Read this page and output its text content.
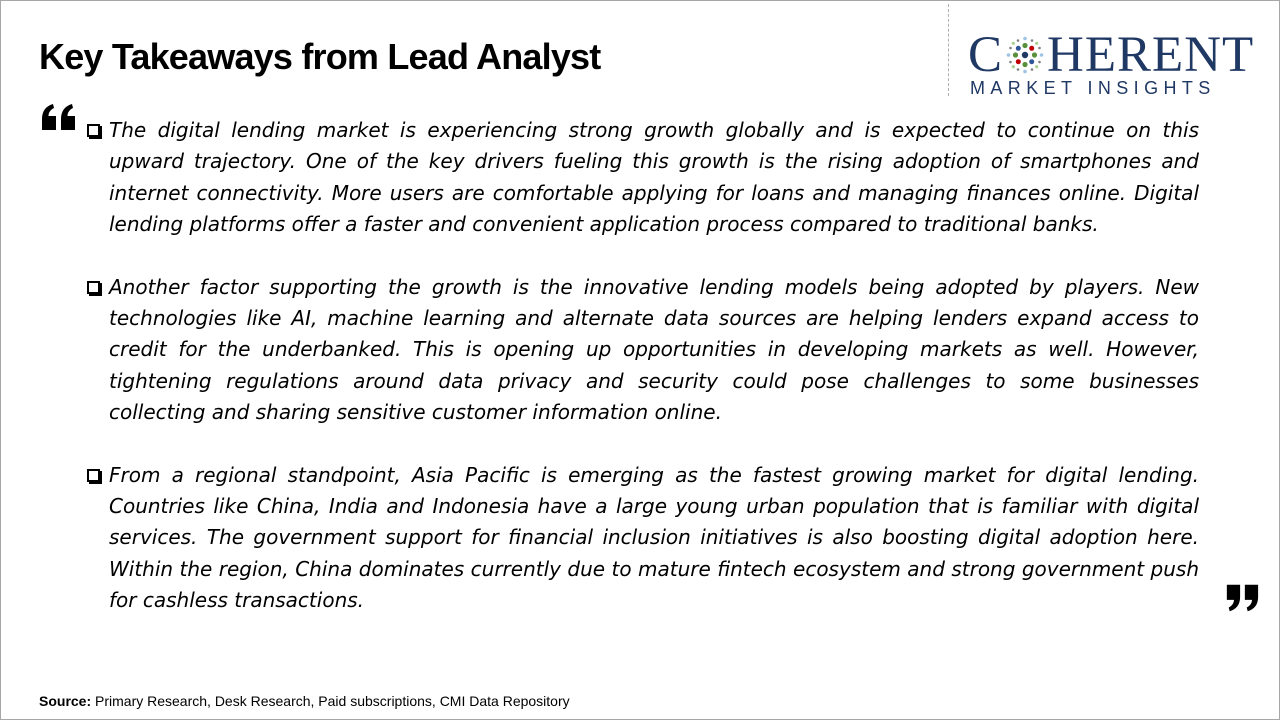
Key Takeaways from Lead Analyst	C HERENT
MARKET INSIGHTS
The digital lending market is experiencing strong growth globally and is expected to continue on this upward trajectory. One of the key drivers fueling this growth is the rising adoption of smartphones and internet connectivity. More users are comfortable applying for loans and managing finances online. Digital lending platforms offer a faster and convenient application process compared to traditional banks.
Another factor supporting the growth is the innovative lending models being adopted by players. New technologies like AI, machine learning and alternate data sources are helping lenders expand access to credit for the underbanked. This is opening up opportunities in developing markets as well. However, tightening regulations around data privacy and security could pose challenges to some businesses collecting and sharing sensitive customer information online.
From a regional standpoint, Asia Pacific is emerging as the fastest growing market for digital lending. Countries like China, India and Indonesia have a large young urban population that is familiar with digital services. The government support for financial inclusion initiatives is also boosting digital adoption here. Within the region, China dominates currently due to mature fintech ecosystem and strong government push for cashless transactions.
Source: Primary Research, Desk Research, Paid subscriptions, CMI Data Repository
